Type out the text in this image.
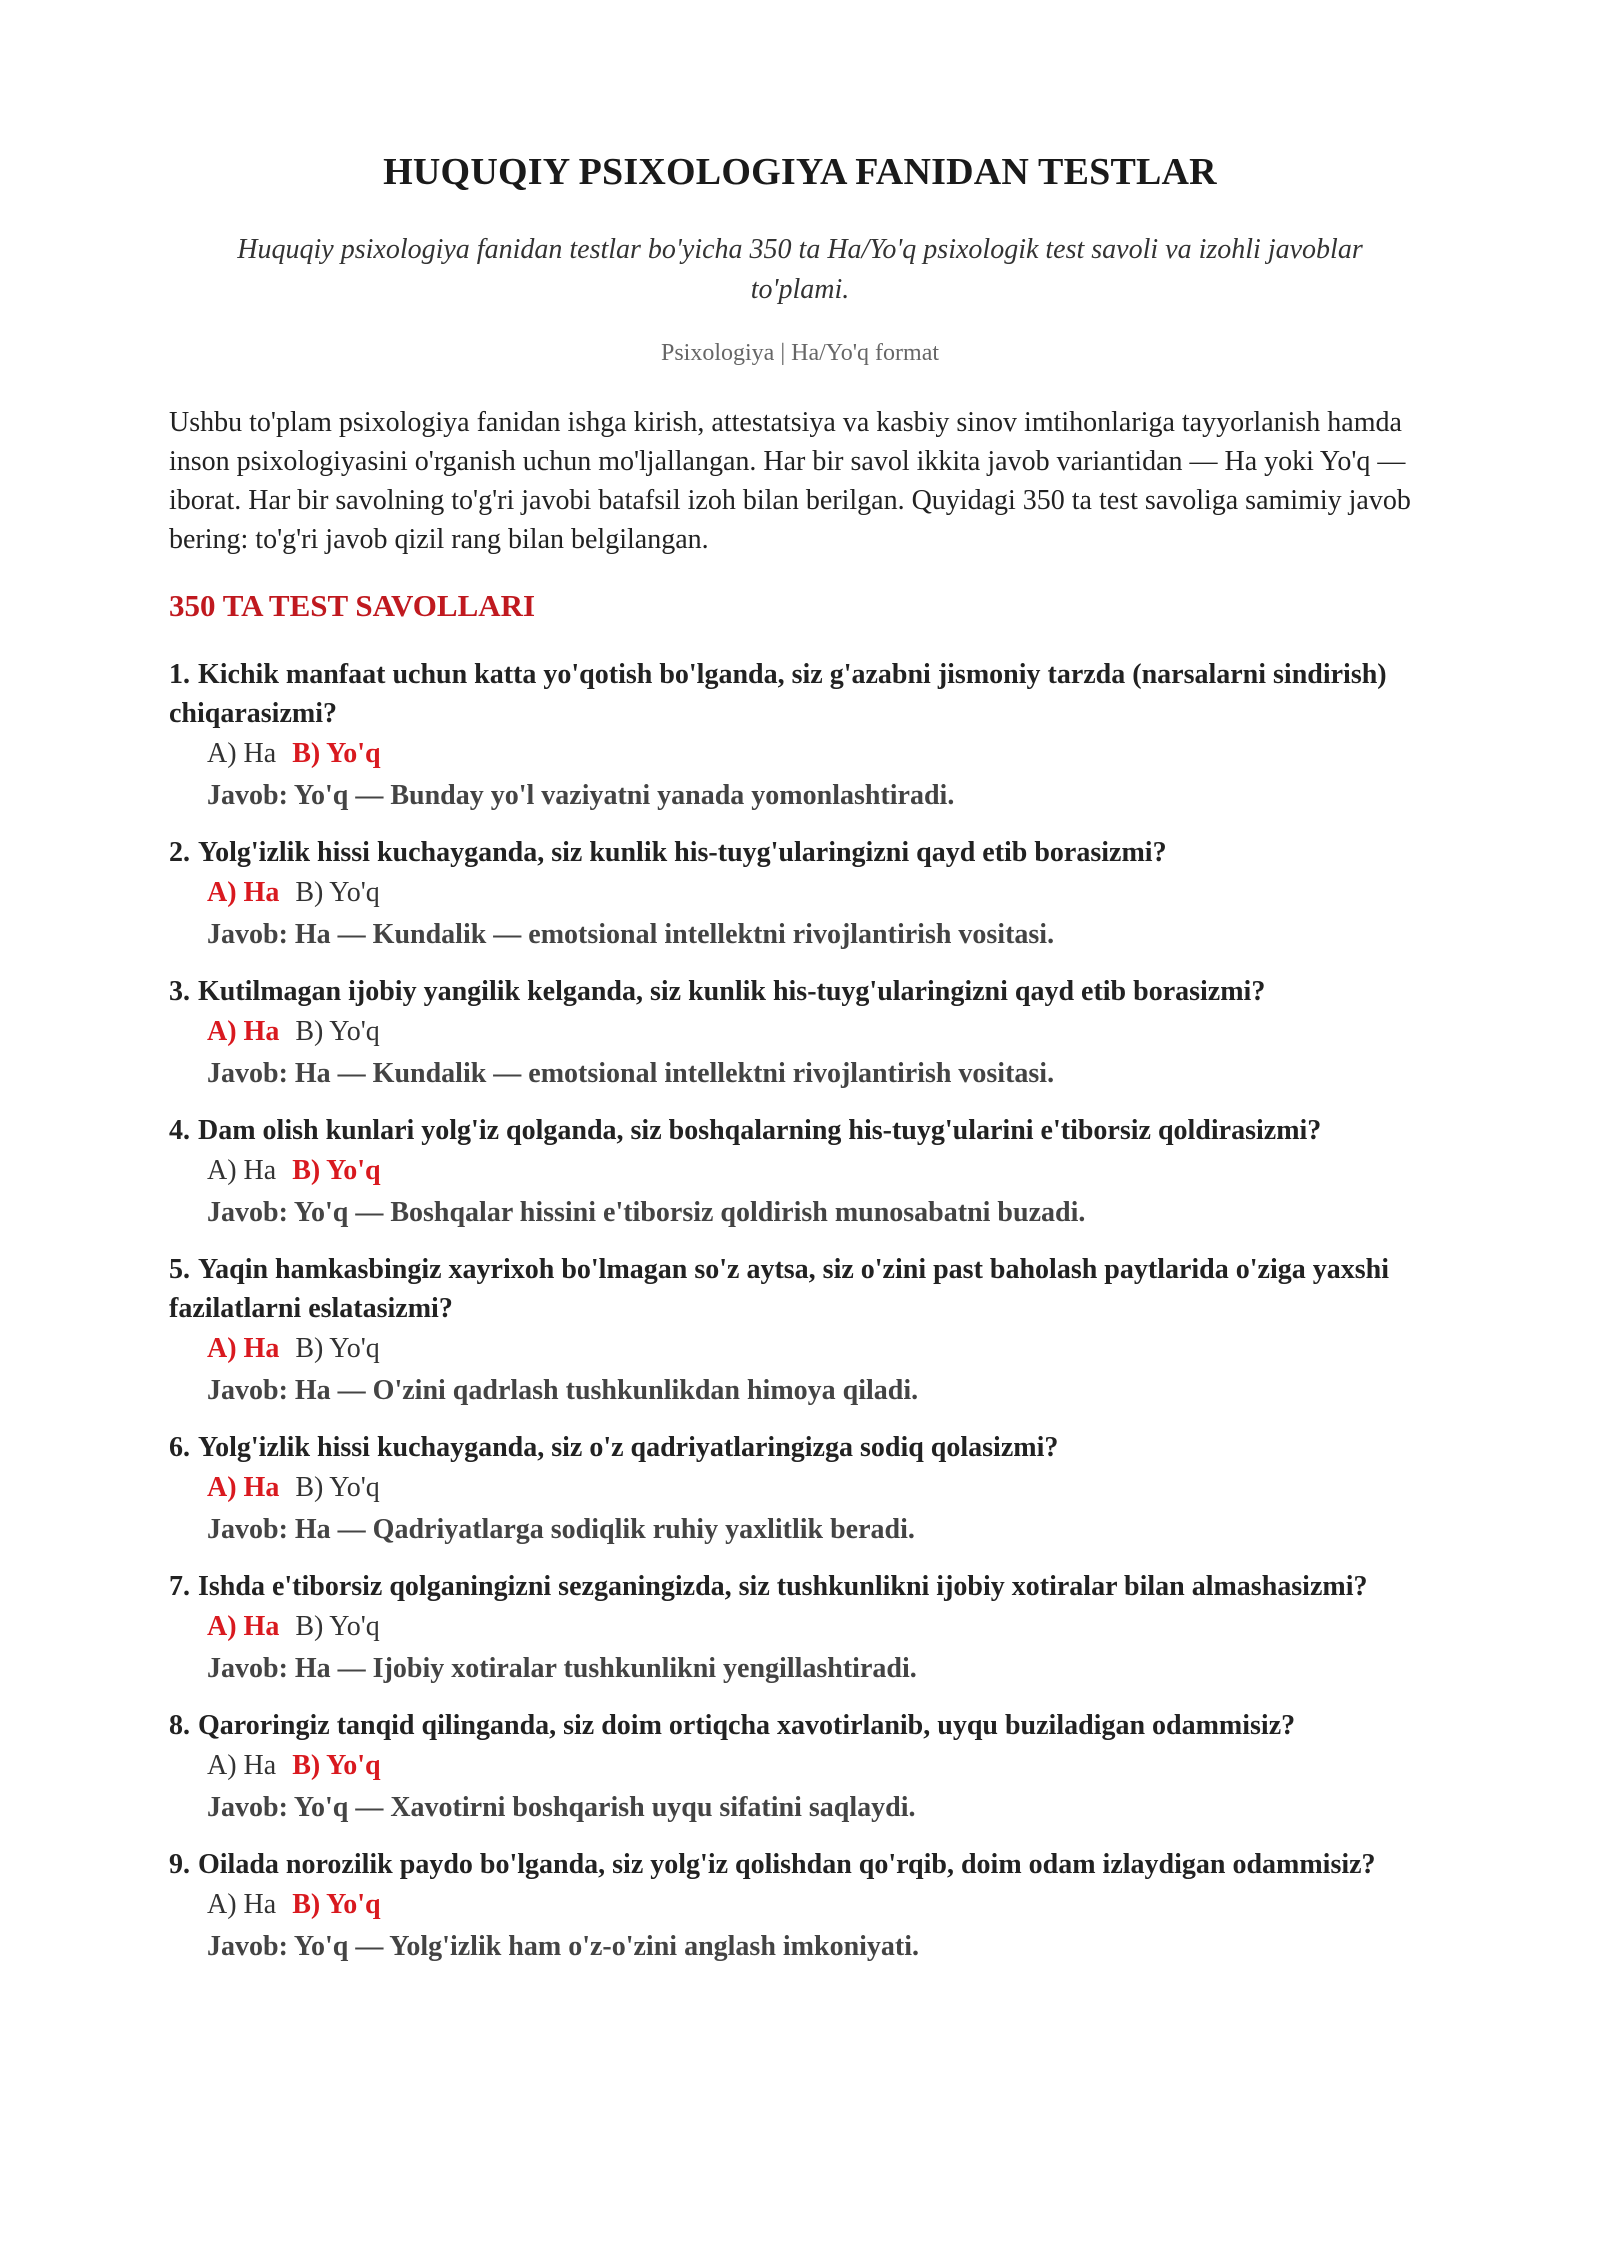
HUQUQIY PSIXOLOGIYA FANIDAN TESTLAR
Huquqiy psixologiya fanidan testlar bo'yicha 350 ta Ha/Yo'q psixologik test savoli va izohli javoblar to'plami.
Psixologiya | Ha/Yo'q format
Ushbu to'plam psixologiya fanidan ishga kirish, attestatsiya va kasbiy sinov imtihonlariga tayyorlanish hamda inson psixologiyasini o'rganish uchun mo'ljallangan. Har bir savol ikkita javob variantidan — Ha yoki Yo'q — iborat. Har bir savolning to'g'ri javobi batafsil izoh bilan berilgan. Quyidagi 350 ta test savoliga samimiy javob bering: to'g'ri javob qizil rang bilan belgilangan.
350 TA TEST SAVOLLARI
1. Kichik manfaat uchun katta yo'qotish bo'lganda, siz g'azabni jismoniy tarzda (narsalarni sindirish) chiqarasizmi?
A) Ha B) Yo'q
Javob: Yo'q — Bunday yo'l vaziyatni yanada yomonlashtiradi.
2. Yolg'izlik hissi kuchayganda, siz kunlik his-tuyg'ularingizni qayd etib borasizmi?
A) Ha B) Yo'q
Javob: Ha — Kundalik — emotsional intellektni rivojlantirish vositasi.
3. Kutilmagan ijobiy yangilik kelganda, siz kunlik his-tuyg'ularingizni qayd etib borasizmi?
A) Ha B) Yo'q
Javob: Ha — Kundalik — emotsional intellektni rivojlantirish vositasi.
4. Dam olish kunlari yolg'iz qolganda, siz boshqalarning his-tuyg'ularini e'tiborsiz qoldirasizmi?
A) Ha B) Yo'q
Javob: Yo'q — Boshqalar hissini e'tiborsiz qoldirish munosabatni buzadi.
5. Yaqin hamkasbingiz xayrixoh bo'lmagan so'z aytsa, siz o'zini past baholash paytlarida o'ziga yaxshi fazilatlarni eslatasizmi?
A) Ha B) Yo'q
Javob: Ha — O'zini qadrlash tushkunlikdan himoya qiladi.
6. Yolg'izlik hissi kuchayganda, siz o'z qadriyatlaringizga sodiq qolasizmi?
A) Ha B) Yo'q
Javob: Ha — Qadriyatlarga sodiqlik ruhiy yaxlitlik beradi.
7. Ishda e'tiborsiz qolganingizni sezganingizda, siz tushkunlikni ijobiy xotiralar bilan almashasizmi?
A) Ha B) Yo'q
Javob: Ha — Ijobiy xotiralar tushkunlikni yengillashtiradi.
8. Qaroringiz tanqid qilinganda, siz doim ortiqcha xavotirlanib, uyqu buziladigan odammisiz?
A) Ha B) Yo'q
Javob: Yo'q — Xavotirni boshqarish uyqu sifatini saqlaydi.
9. Oilada norozilik paydo bo'lganda, siz yolg'iz qolishdan qo'rqib, doim odam izlaydigan odammisiz?
A) Ha B) Yo'q
Javob: Yo'q — Yolg'izlik ham o'z-o'zini anglash imkoniyati.
